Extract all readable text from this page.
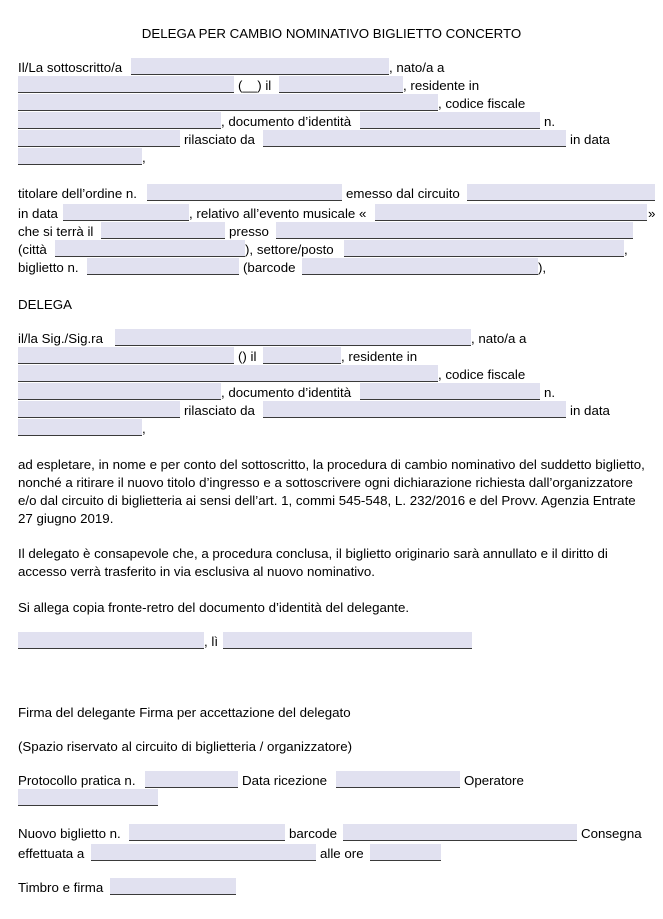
DELEGA PER CAMBIO NOMINATIVO BIGLIETTO CONCERTO
Il/La sottoscritto/a	, nato/a a
(__) il	, residente in
, codice fiscale
, documento d’identità	n.
rilasciato da	in data
,
titolare dell’ordine n.	emesso dal circuito
in data	, relativo all’evento musicale «	»
che si terrà il	presso
(città	), settore/posto	,
biglietto n.	(barcode	),
DELEGA
il/la Sig./Sig.ra	, nato/a a
() il	, residente in
, codice fiscale
, documento d’identità	n.
rilasciato da	in data
,
ad espletare, in nome e per conto del sottoscritto, la procedura di cambio nominativo del suddetto biglietto, nonché a ritirare il nuovo titolo d’ingresso e a sottoscrivere ogni dichiarazione richiesta dall’organizzatore e/o dal circuito di biglietteria ai sensi dell’art. 1, commi 545-548, L. 232/2016 e del Provv. Agenzia Entrate 27 giugno 2019.
Il delegato è consapevole che, a procedura conclusa, il biglietto originario sarà annullato e il diritto di accesso verrà trasferito in via esclusiva al nuovo nominativo.
Si allega copia fronte-retro del documento d’identità del delegante.
, lì
Firma del delegante Firma per accettazione del delegato
(Spazio riservato al circuito di biglietteria / organizzatore)
Protocollo pratica n.	Data ricezione	Operatore
Nuovo biglietto n.	barcode	Consegna
effettuata a	alle ore
Timbro e firma
